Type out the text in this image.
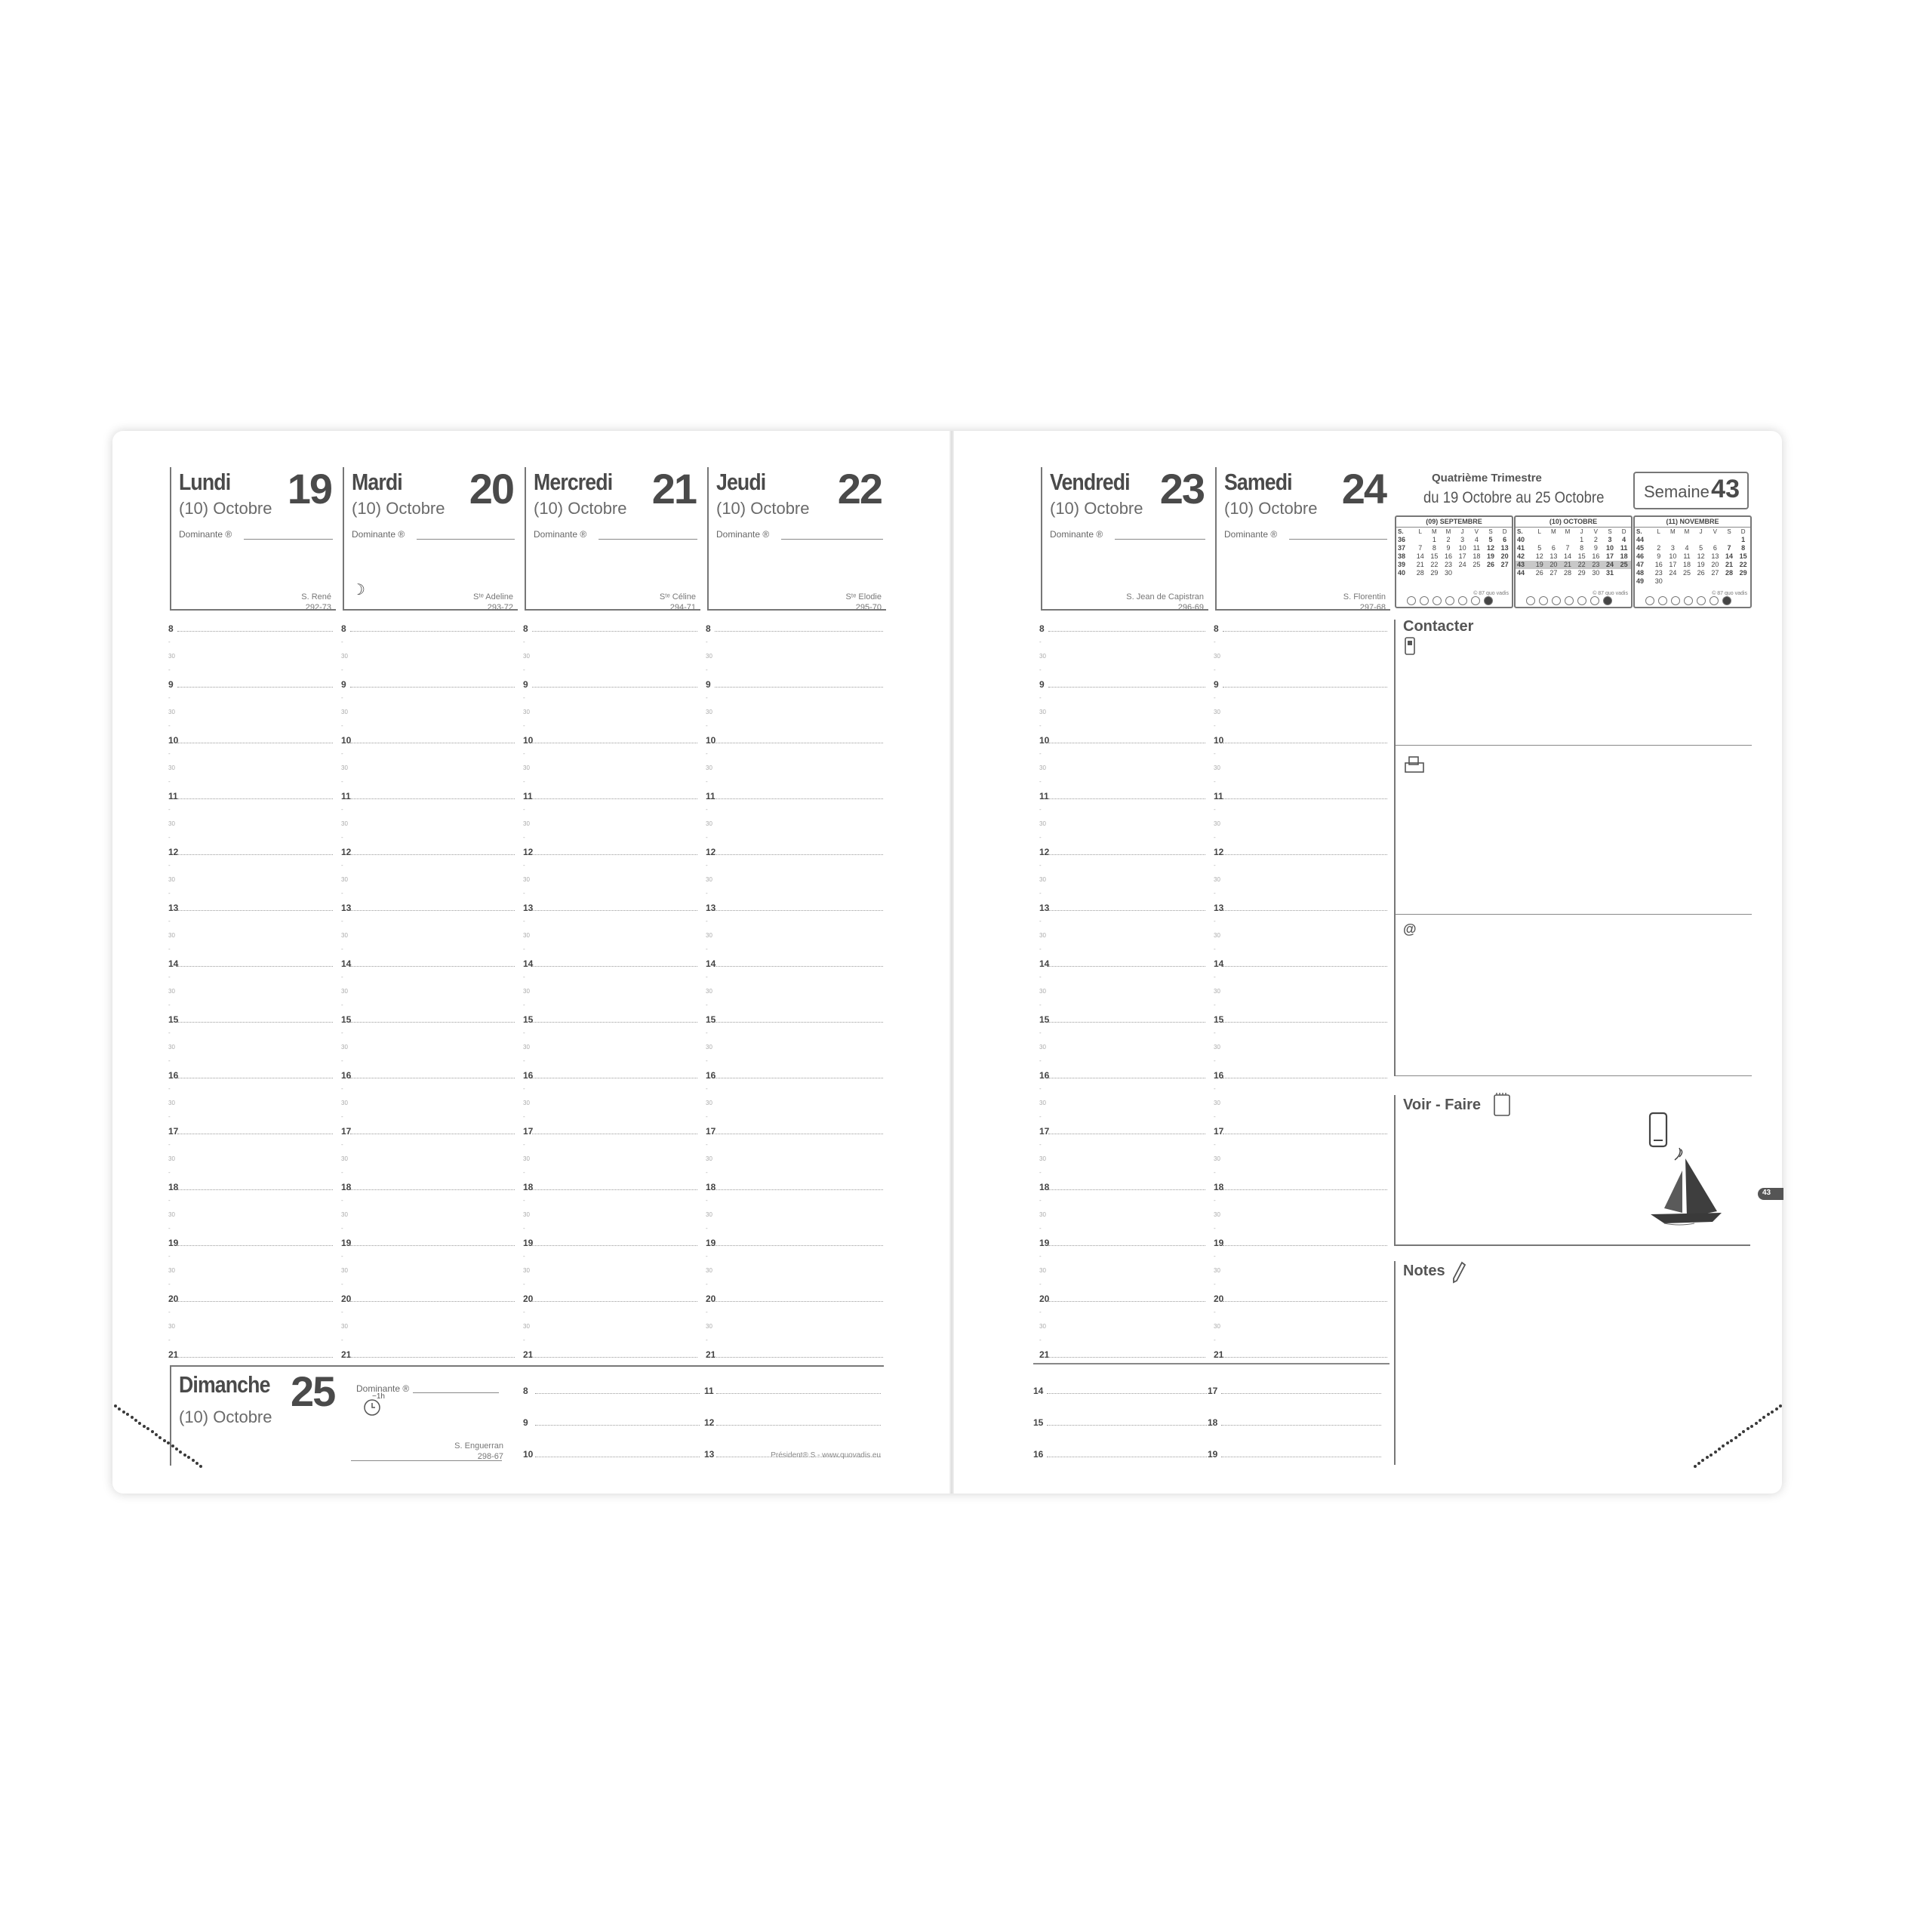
Dimanche 25
(10) Octobre
Dominante ®
−1h
S. Enguerran
298-67	Président® S - www.quovadis.eu
Quatrième Trimestre
du 19 Octobre au 25 Octobre Semaine 43
(09) SEPTEMBRE
S.	L	M	M	J	V	S	D
36		1	2	3	4	5	6
37	7	8	9	10	11	12	13
38	14	15	16	17	18	19	20
39	21	22	23	24	25	26	27
40	28	29	30				
© 87 quo vadis
(10) OCTOBRE
S.	L	M	M	J	V	S	D
40				1	2	3	4
41	5	6	7	8	9	10	11
42	12	13	14	15	16	17	18
43	19	20	21	22	23	24	25
44	26	27	28	29	30	31	
© 87 quo vadis
(11) NOVEMBRE
S.	L	M	M	J	V	S	D
44							1
45	2	3	4	5	6	7	8
46	9	10	11	12	13	14	15
47	16	17	18	19	20	21	22
48	23	24	25	26	27	28	29
49	30						
© 87 quo vadis
Contacter
@
Voir - Faire
Notes
43
Lundi 19
(10) Octobre
Dominante ®
S. René
292-73
8
-
30
-
9
-
30
-
10
-
30
-
11
-
30
-
12
-
30
-
13
-
30
-
14
-
30
-
15
-
30
-
16
-
30
-
17
-
30
-
18
-
30
-
19
-
30
-
20
-
30
-
21
Mardi 20
(10) Octobre
Dominante ®
☽	Sᵗᵉ Adeline
293-72
8
-
30
-
9
-
30
-
10
-
30
-
11
-
30
-
12
-
30
-
13
-
30
-
14
-
30
-
15
-
30
-
16
-
30
-
17
-
30
-
18
-
30
-
19
-
30
-
20
-
30
-
21
Mercredi 21
(10) Octobre
Dominante ®
Sᵗᵉ Céline
294-71
8
-
30
-
9
-
30
-
10
-
30
-
11
-
30
-
12
-
30
-
13
-
30
-
14
-
30
-
15
-
30
-
16
-
30
-
17
-
30
-
18
-
30
-
19
-
30
-
20
-
30
-
21
Jeudi 22
(10) Octobre
Dominante ®
Sᵗᵉ Elodie
295-70
8
-
30
-
9
-
30
-
10
-
30
-
11
-
30
-
12
-
30
-
13
-
30
-
14
-
30
-
15
-
30
-
16
-
30
-
17
-
30
-
18
-
30
-
19
-
30
-
20
-
30
-
21
Vendredi 23
(10) Octobre
Dominante ®
S. Jean de Capistran
296-69
8
-
30
-
9
-
30
-
10
-
30
-
11
-
30
-
12
-
30
-
13
-
30
-
14
-
30
-
15
-
30
-
16
-
30
-
17
-
30
-
18
-
30
-
19
-
30
-
20
-
30
-
21
Samedi 24
(10) Octobre
Dominante ®
S. Florentin
297-68
8
-
30
-
9
-
30
-
10
-
30
-
11
-
30
-
12
-
30
-
13
-
30
-
14
-
30
-
15
-
30
-
16
-
30
-
17
-
30
-
18
-
30
-
19
-
30
-
20
-
30
-
21
14
15
16
17
18
19
8
9
10
11
12
13
